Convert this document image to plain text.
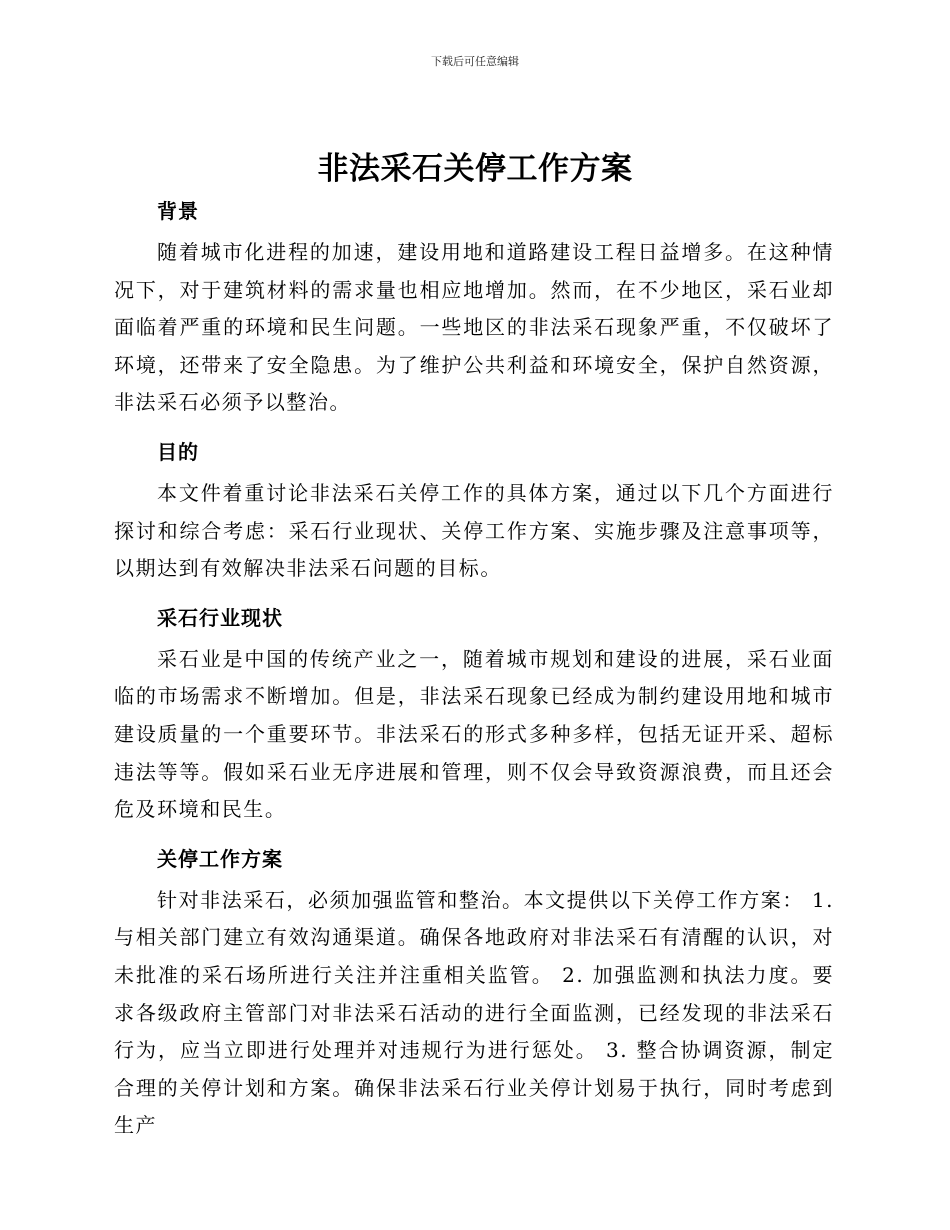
下载后可任意编辑
非法采石关停工作方案
背景

随着城市化进程的加速，建设用地和道路建设工程日益增多。在这种情况下，对于建筑材料的需求量也相应地增加。然而，在不少地区，采石业却面临着严重的环境和民生问题。一些地区的非法采石现象严重，不仅破坏了环境，还带来了安全隐患。为了维护公共利益和环境安全，保护自然资源，非法采石必须予以整治。

目的

本文件着重讨论非法采石关停工作的具体方案，通过以下几个方面进行探讨和综合考虑：采石行业现状、关停工作方案、实施步骤及注意事项等，以期达到有效解决非法采石问题的目标。

采石行业现状

采石业是中国的传统产业之一，随着城市规划和建设的进展，采石业面临的市场需求不断增加。但是，非法采石现象已经成为制约建设用地和城市建设质量的一个重要环节。非法采石的形式多种多样，包括无证开采、超标违法等等。假如采石业无序进展和管理，则不仅会导致资源浪费，而且还会危及环境和民生。

关停工作方案

针对非法采石，必须加强监管和整治。本文提供以下关停工作方案： 1. 与相关部门建立有效沟通渠道。确保各地政府对非法采石有清醒的认识，对未批准的采石场所进行关注并注重相关监管。 2. 加强监测和执法力度。要求各级政府主管部门对非法采石活动的进行全面监测，已经发现的非法采石行为，应当立即进行处理并对违规行为进行惩处。 3. 整合协调资源，制定合理的关停计划和方案。确保非法采石行业关停计划易于执行，同时考虑到生产
